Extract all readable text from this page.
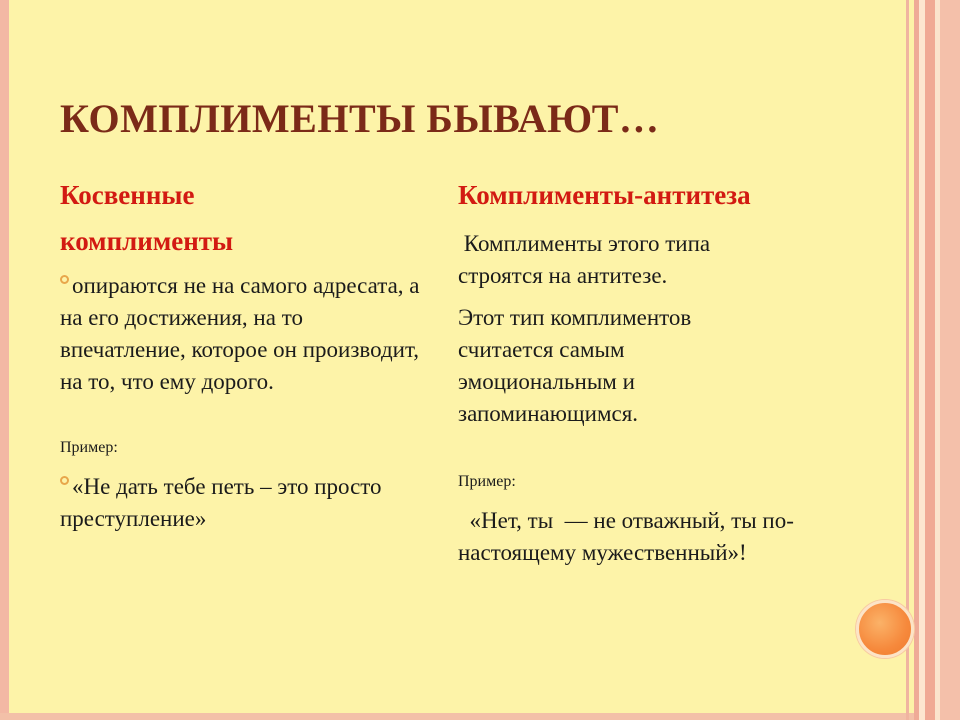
КОМПЛИМЕНТЫ БЫВАЮТ…
Косвенные
комплименты
опираются не на самого адресата, а на его достижения, на то впечатление, которое он производит, на то, что ему дорого.
Пример:
«Не дать тебе петь – это просто преступление»
Комплименты-антитеза
Комплименты этого типа строятся на антитезе.
Этот тип комплиментов считается самым эмоциональным и запоминающимся.
Пример:
«Нет, ты  — не отважный, ты по-настоящему мужественный»!
